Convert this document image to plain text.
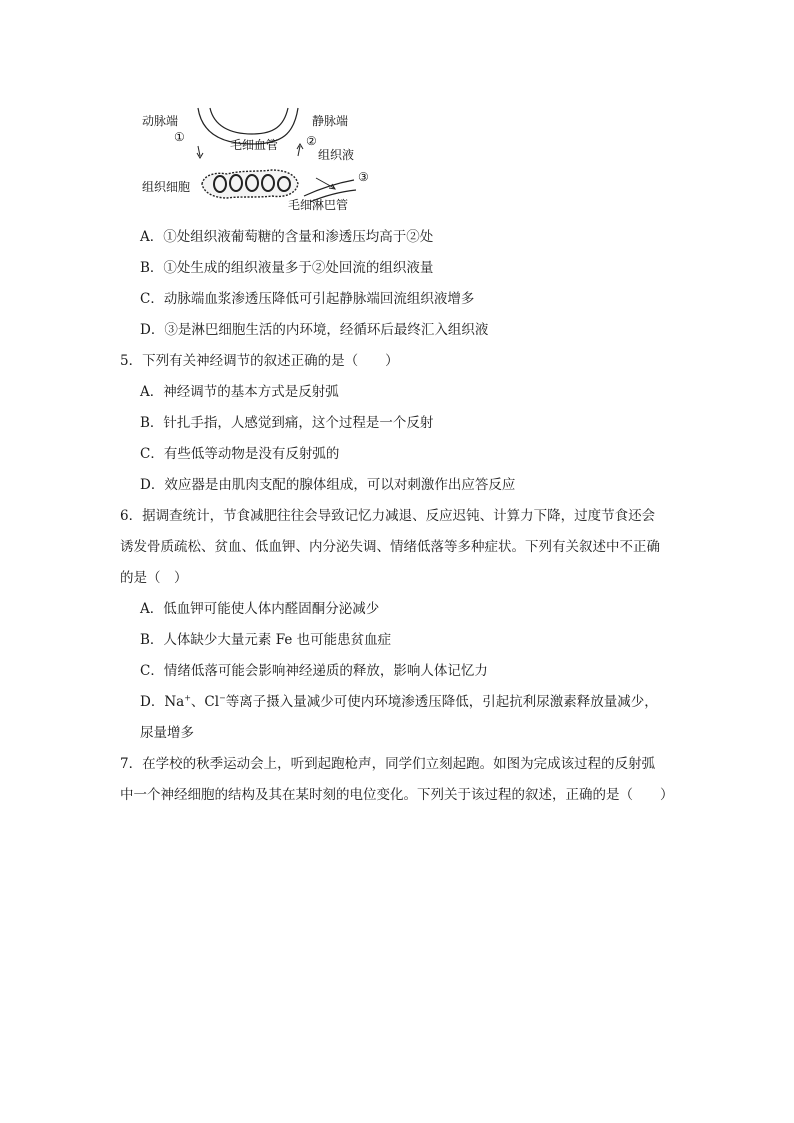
动脉端
①
静脉端
毛细血管 ②
组织液
组织细胞
③
毛细淋巴管
A．①处组织液葡萄糖的含量和渗透压均高于②处
B．①处生成的组织液量多于②处回流的组织液量
C．动脉端血浆渗透压降低可引起静脉端回流组织液增多
D．③是淋巴细胞生活的内环境，经循环后最终汇入组织液
5．下列有关神经调节的叙述正确的是（　　）
A．神经调节的基本方式是反射弧
B．针扎手指，人感觉到痛，这个过程是一个反射
C．有些低等动物是没有反射弧的
D．效应器是由肌肉支配的腺体组成，可以对刺激作出应答反应
6．据调查统计，节食减肥往往会导致记忆力减退、反应迟钝、计算力下降，过度节食还会
诱发骨质疏松、贫血、低血钾、内分泌失调、情绪低落等多种症状。下列有关叙述中不正确
的是（　）
A．低血钾可能使人体内醛固酮分泌减少
B．人体缺少大量元素 Fe 也可能患贫血症
C．情绪低落可能会影响神经递质的释放，影响人体记忆力
D．Na+、Cl−等离子摄入量减少可使内环境渗透压降低，引起抗利尿激素释放量减少，
尿量增多
7．在学校的秋季运动会上，听到起跑枪声，同学们立刻起跑。如图为完成该过程的反射弧
中一个神经细胞的结构及其在某时刻的电位变化。下列关于该过程的叙述，正确的是（　　）
